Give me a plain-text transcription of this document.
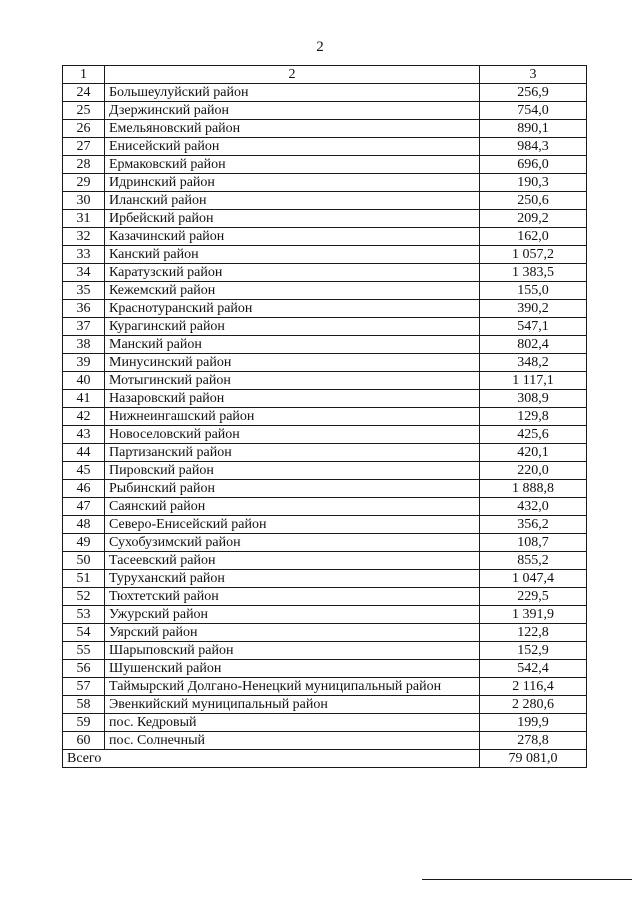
2
1	2	3
24	Большеулуйский район	256,9
25	Дзержинский район	754,0
26	Емельяновский район	890,1
27	Енисейский район	984,3
28	Ермаковский район	696,0
29	Идринский район	190,3
30	Иланский район	250,6
31	Ирбейский район	209,2
32	Казачинский район	162,0
33	Канский район	1 057,2
34	Каратузский район	1 383,5
35	Кежемский район	155,0
36	Краснотуранский район	390,2
37	Курагинский район	547,1
38	Манский район	802,4
39	Минусинский район	348,2
40	Мотыгинский район	1 117,1
41	Назаровский район	308,9
42	Нижнеингашский район	129,8
43	Новоселовский район	425,6
44	Партизанский район	420,1
45	Пировский район	220,0
46	Рыбинский район	1 888,8
47	Саянский район	432,0
48	Северо-Енисейский район	356,2
49	Сухобузимский район	108,7
50	Тасеевский район	855,2
51	Туруханский район	1 047,4
52	Тюхтетский район	229,5
53	Ужурский район	1 391,9
54	Уярский район	122,8
55	Шарыповский район	152,9
56	Шушенский район	542,4
57	Таймырский Долгано-Ненецкий муниципальный район	2 116,4
58	Эвенкийский муниципальный район	2 280,6
59	пос. Кедровый	199,9
60	пос. Солнечный	278,8
Всего		79 081,0
